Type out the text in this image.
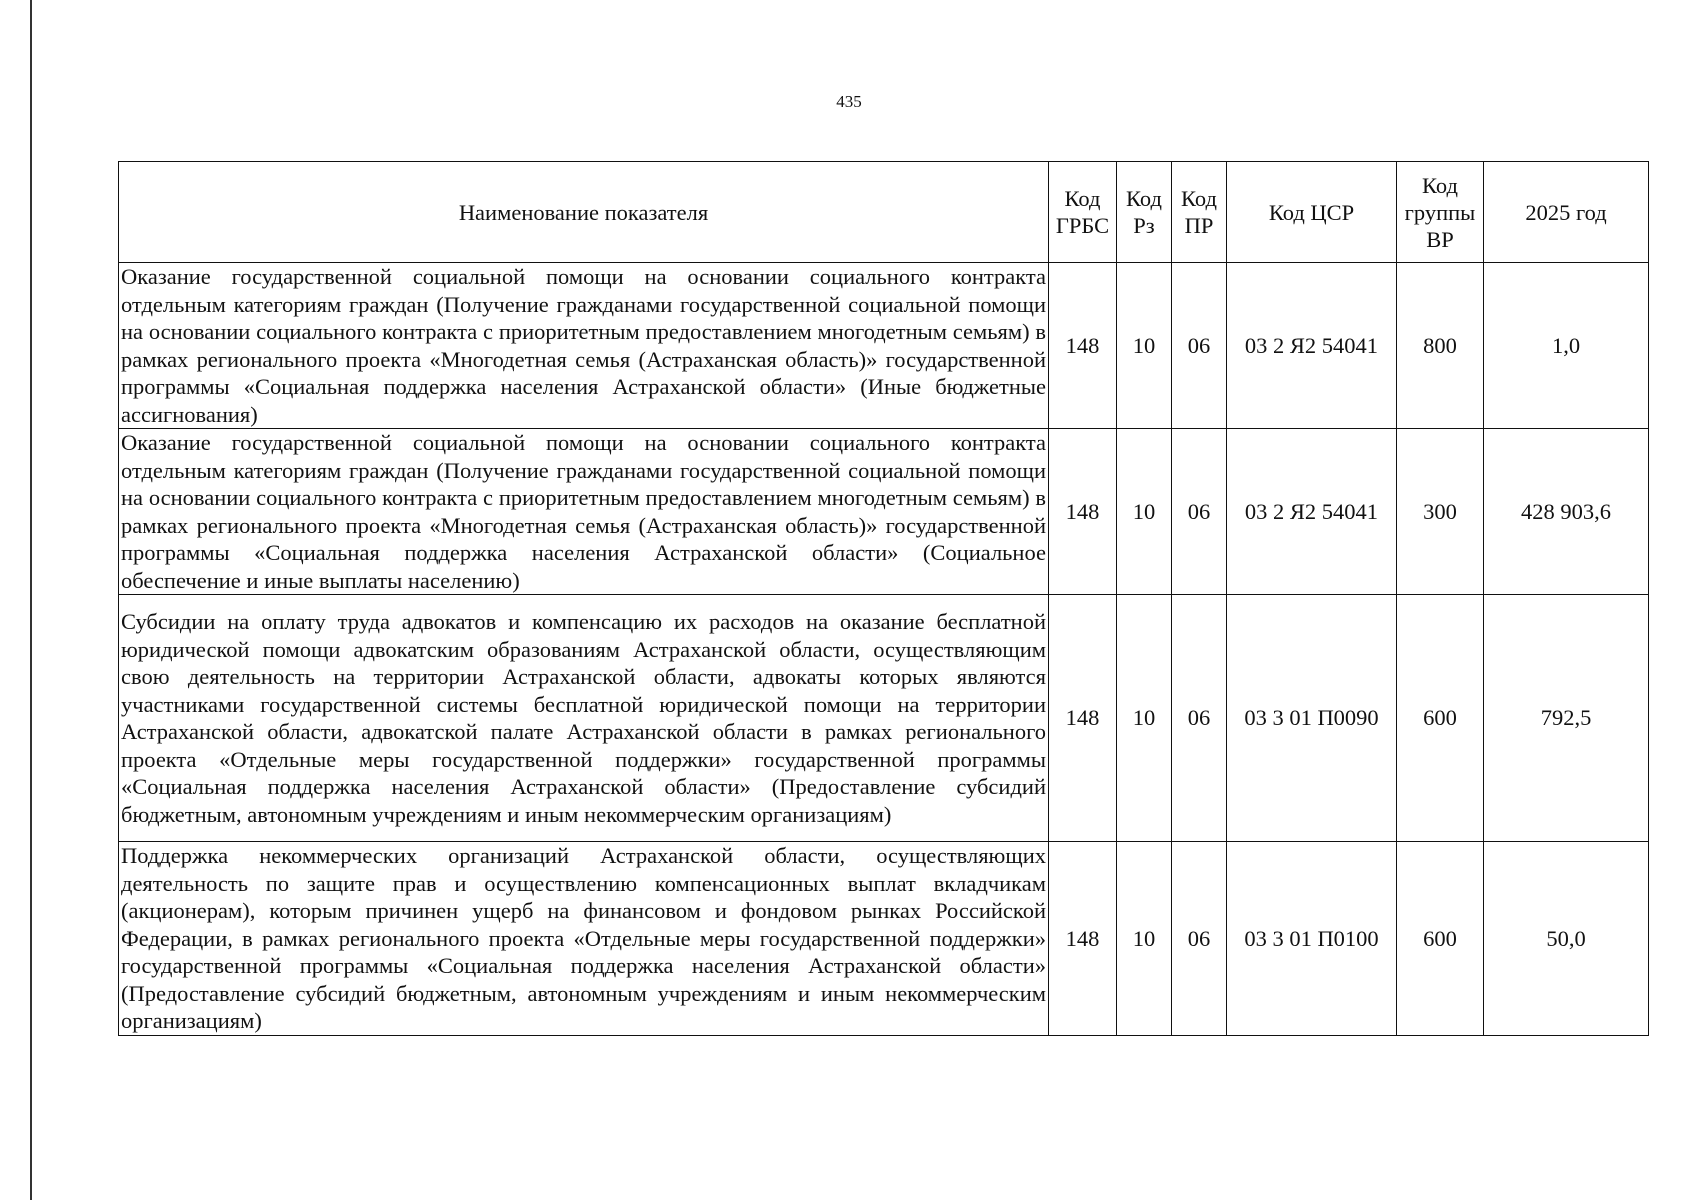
435
Наименование показателя	Код ГРБС	Код Рз	Код ПР	Код ЦСР	Код группы ВР	2025 год
Оказание государственной социальной помощи на основании социального контракта отдельным категориям граждан (Получение гражданами государственной социальной помощи на основании социального контракта с приоритетным предоставлением многодетным семьям) в рамках регионального проекта «Многодетная семья (Астраханская область)» государственной программы «Социальная поддержка населения Астраханской области» (Иные бюджетные ассигнования)	148	10	06	03 2 Я2 54041	800	1,0
Оказание государственной социальной помощи на основании социального контракта отдельным категориям граждан (Получение гражданами государственной социальной помощи на основании социального контракта с приоритетным предоставлением многодетным семьям) в рамках регионального проекта «Многодетная семья (Астраханская область)» государственной программы «Социальная поддержка населения Астраханской области» (Социальное обеспечение и иные выплаты населению)	148	10	06	03 2 Я2 54041	300	428 903,6
Субсидии на оплату труда адвокатов и компенсацию их расходов на оказание бесплатной юридической помощи адвокатским образованиям Астраханской области, осуществляющим свою деятельность на территории Астраханской области, адвокаты которых являются участниками государственной системы бесплатной юридической помощи на территории Астраханской области, адвокатской палате Астраханской области в рамках регионального проекта «Отдельные меры государственной поддержки» государственной программы «Социальная поддержка населения Астраханской области» (Предоставление субсидий бюджетным, автономным учреждениям и иным некоммерческим организациям)	148	10	06	03 3 01 П0090	600	792,5
Поддержка некоммерческих организаций Астраханской области, осуществляющих деятельность по защите прав и осуществлению компенсационных выплат вкладчикам (акционерам), которым причинен ущерб на финансовом и фондовом рынках Российской Федерации, в рамках регионального проекта «Отдельные меры государственной поддержки» государственной программы «Социальная поддержка населения Астраханской области» (Предоставление субсидий бюджетным, автономным учреждениям и иным некоммерческим организациям)	148	10	06	03 3 01 П0100	600	50,0
